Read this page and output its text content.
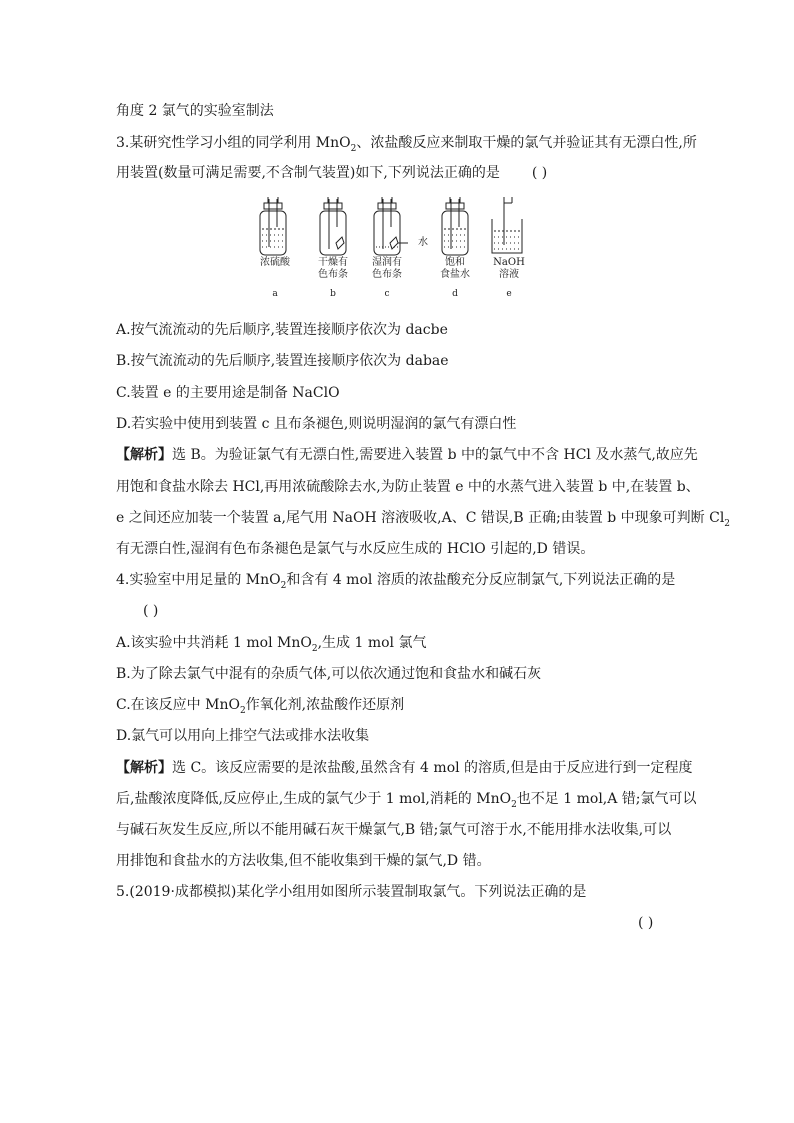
角度 2 氯气的实验室制法
3.某研究性学习小组的同学利用 MnO$_2$、浓盐酸反应来制取干燥的氯气并验证其有无漂白性,所
用装置(数量可满足需要,不含制气装置)如下,下列说法正确的是 ( )
浓硫酸
a
干燥有
色布条
b
水
湿润有
色布条
c
饱和
食盐水
d
NaOH
溶液
e
A.按气流流动的先后顺序,装置连接顺序依次为 dacbe
B.按气流流动的先后顺序,装置连接顺序依次为 dabae
C.装置 e 的主要用途是制备 NaClO
D.若实验中使用到装置 c 且布条褪色,则说明湿润的氯气有漂白性
【解析】选 B。为验证氯气有无漂白性,需要进入装置 b 中的氯气中不含 HCl 及水蒸气,故应先
用饱和食盐水除去 HCl,再用浓硫酸除去水,为防止装置 e 中的水蒸气进入装置 b 中,在装置 b、
e 之间还应加装一个装置 a,尾气用 NaOH 溶液吸收,A、C 错误,B 正确;由装置 b 中现象可判断 $Cl_2$
有无漂白性,湿润有色布条褪色是氯气与水反应生成的 HClO 引起的,D 错误。
4.实验室中用足量的 MnO$_2$和含有 4 mol 溶质的浓盐酸充分反应制氯气,下列说法正确的是
( )
A.该实验中共消耗 1 mol MnO$_2$,生成 1 mol 氯气
B.为了除去氯气中混有的杂质气体,可以依次通过饱和食盐水和碱石灰
C.在该反应中 MnO$_2$作氧化剂,浓盐酸作还原剂
D.氯气可以用向上排空气法或排水法收集
【解析】选 C。该反应需要的是浓盐酸,虽然含有 4 mol 的溶质,但是由于反应进行到一定程度
后,盐酸浓度降低,反应停止,生成的氯气少于 1 mol,消耗的 MnO$_2$也不足 1 mol,A 错;氯气可以
与碱石灰发生反应,所以不能用碱石灰干燥氯气,B 错;氯气可溶于水,不能用排水法收集,可以
用排饱和食盐水的方法收集,但不能收集到干燥的氯气,D 错。
5.(2019·成都模拟)某化学小组用如图所示装置制取氯气。下列说法正确的是
( )
